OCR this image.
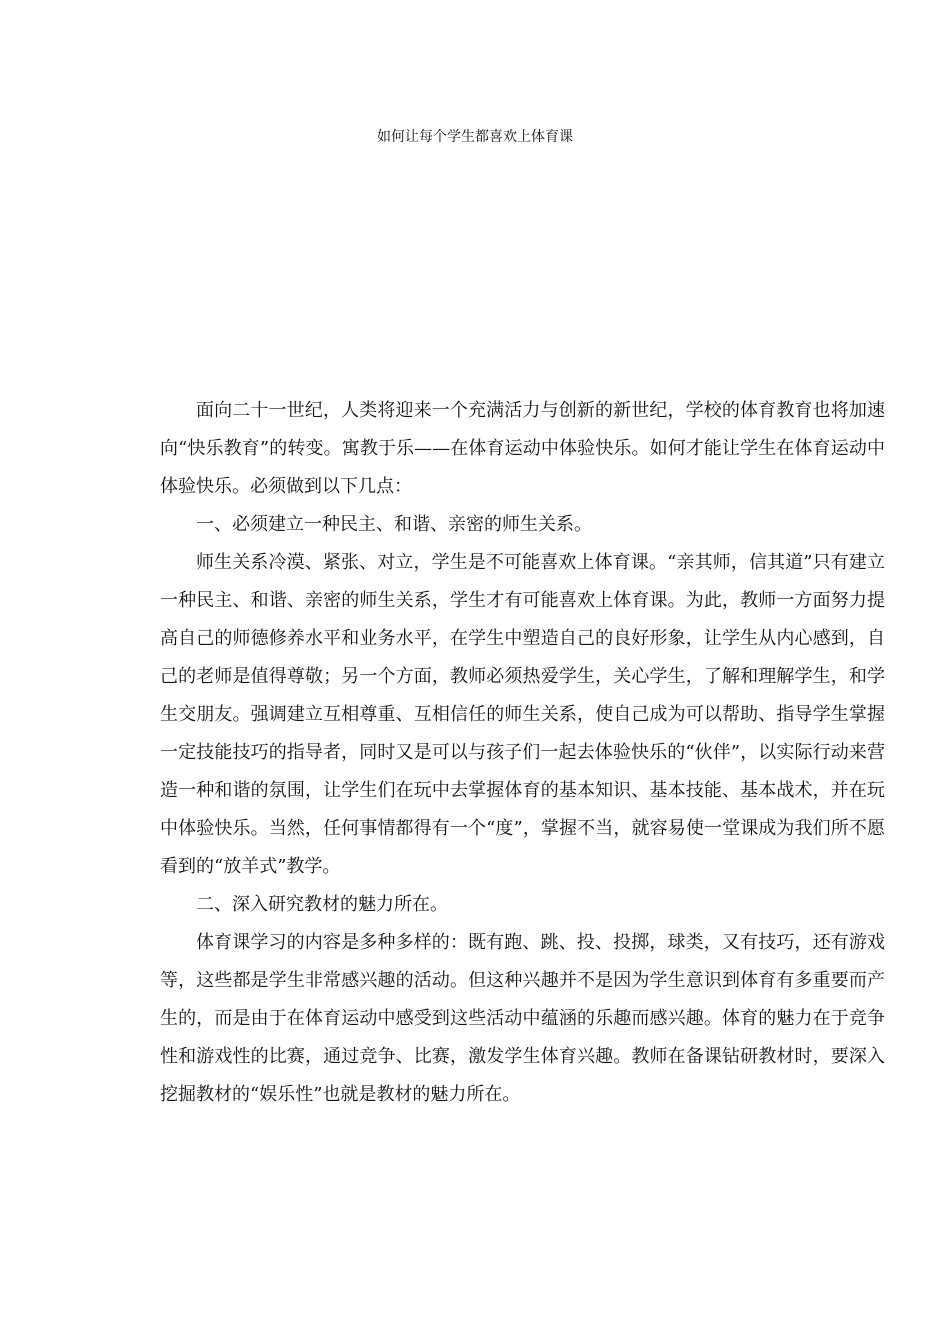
如何让每个学生都喜欢上体育课

面向二十一世纪，人类将迎来一个充满活力与创新的新世纪，学校的体育教育也将加速向“快乐教育”的转变。寓教于乐——在体育运动中体验快乐。如何才能让学生在体育运动中体验快乐。必须做到以下几点：

一、必须建立一种民主、和谐、亲密的师生关系。

师生关系冷漠、紧张、对立，学生是不可能喜欢上体育课。“亲其师，信其道”只有建立一种民主、和谐、亲密的师生关系，学生才有可能喜欢上体育课。为此，教师一方面努力提高自己的师德修养水平和业务水平，在学生中塑造自己的良好形象，让学生从内心感到，自己的老师是值得尊敬；另一个方面，教师必须热爱学生，关心学生，了解和理解学生，和学生交朋友。强调建立互相尊重、互相信任的师生关系，使自己成为可以帮助、指导学生掌握一定技能技巧的指导者，同时又是可以与孩子们一起去体验快乐的“伙伴”，以实际行动来营造一种和谐的氛围，让学生们在玩中去掌握体育的基本知识、基本技能、基本战术，并在玩中体验快乐。当然，任何事情都得有一个“度”，掌握不当，就容易使一堂课成为我们所不愿看到的“放羊式”教学。

二、深入研究教材的魅力所在。

体育课学习的内容是多种多样的：既有跑、跳、投、投掷，球类，又有技巧，还有游戏等，这些都是学生非常感兴趣的活动。但这种兴趣并不是因为学生意识到体育有多重要而产生的，而是由于在体育运动中感受到这些活动中蕴涵的乐趣而感兴趣。体育的魅力在于竞争性和游戏性的比赛，通过竞争、比赛，激发学生体育兴趣。教师在备课钻研教材时，要深入挖掘教材的“娱乐性”也就是教材的魅力所在。
